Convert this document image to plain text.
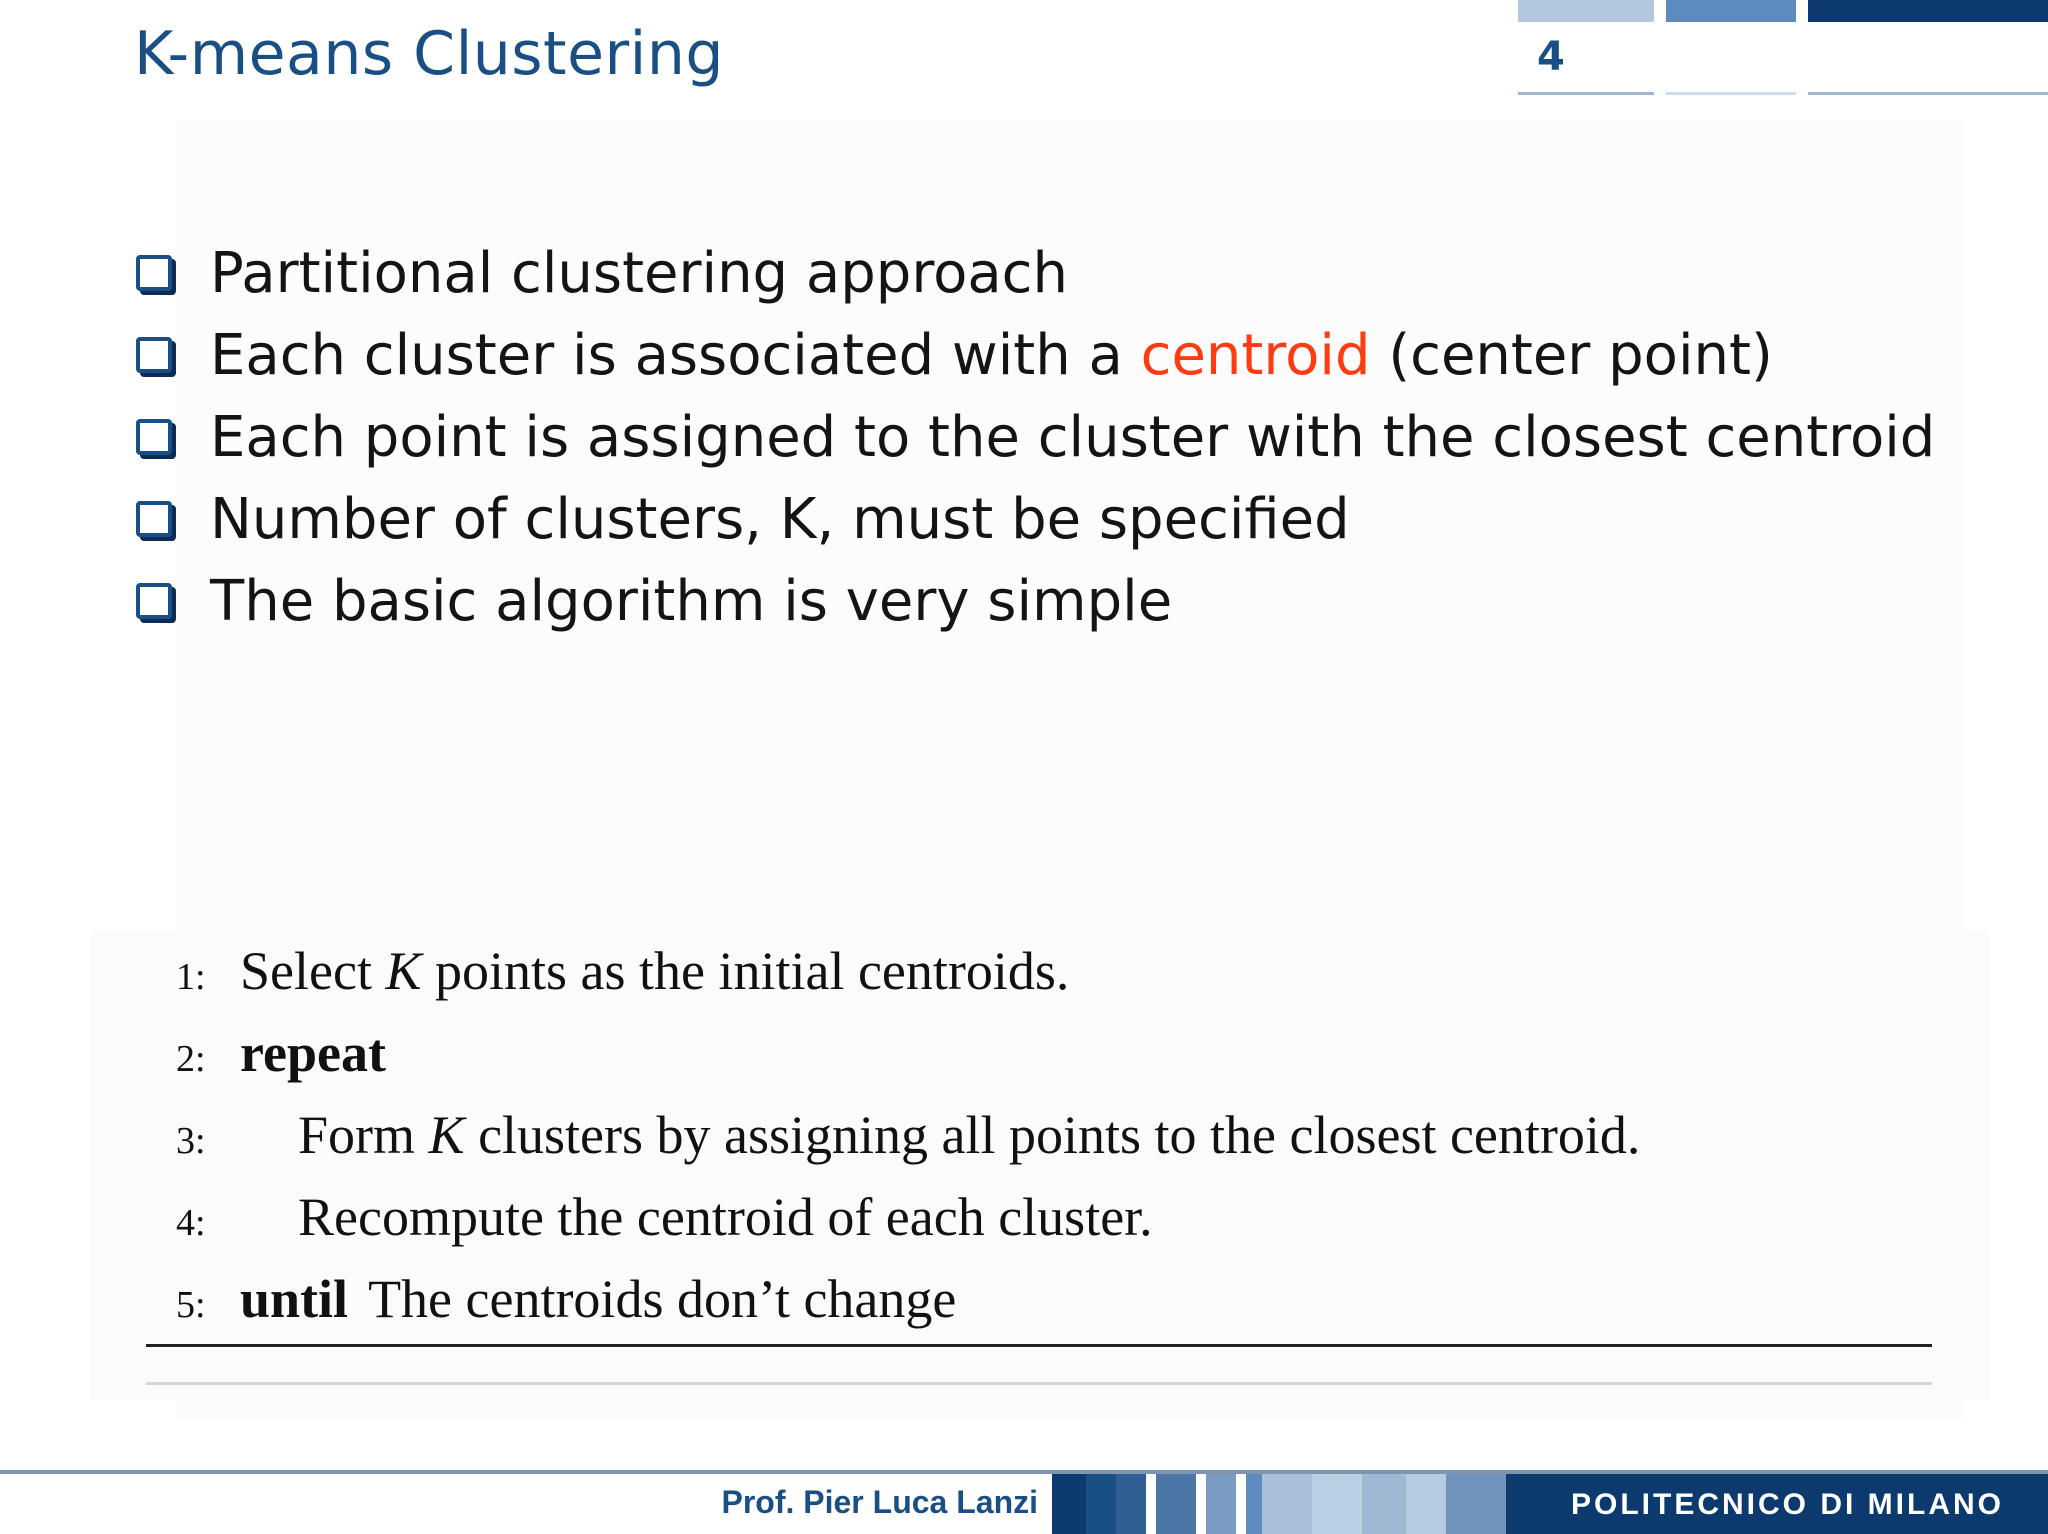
K-means Clustering	4
Partitional clustering approach
Each cluster is associated with a centroid (center point)
Each point is assigned to the cluster with the closest centroid
Number of clusters, K, must be specified
The basic algorithm is very simple
1: Select K points as the initial centroids.
2: repeat
3:	Form K clusters by assigning all points to the closest centroid.
4:	Recompute the centroid of each cluster.
5: until The centroids don’t change
Prof. Pier Luca Lanzi	POLITECNICO DI MILANO
